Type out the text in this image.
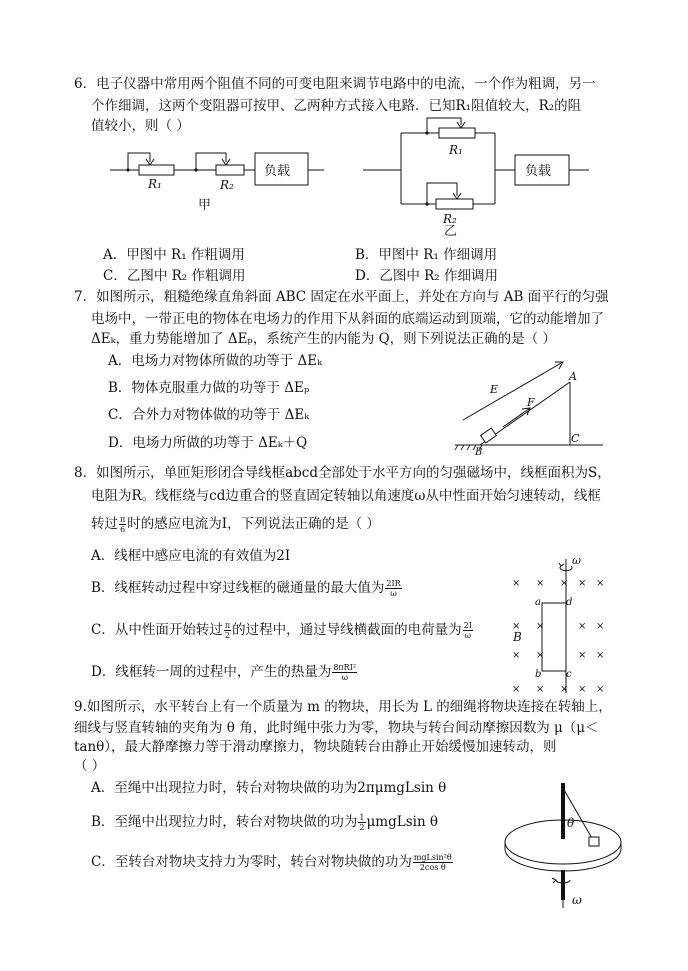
6．电子仪器中常用两个阻值不同的可变电阻来调节电路中的电流，一个作为粗调，另一
个作细调，这两个变阻器可按甲、乙两种方式接入电路．已知R₁阻值较大，R₂的阻
值较小，则（ ）
R₁	R₂
负载
甲
R₁
R₂
乙
负载
A．甲图中 R₁ 作粗调用	B．甲图中 R₁ 作细调用
C．乙图中 R₂ 作粗调用	D．乙图中 R₂ 作细调用
7．如图所示，粗糙绝缘直角斜面 ABC 固定在水平面上，并处在方向与 AB 面平行的匀强
电场中，一带正电的物体在电场力的作用下从斜面的底端运动到顶端，它的动能增加了
ΔEₖ，重力势能增加了 ΔEₚ，系统产生的内能为 Q，则下列说法正确的是（ ）
A．电场力对物体所做的功等于 ΔEₖ
B．物体克服重力做的功等于 ΔEₚ
C．合外力对物体做的功等于 ΔEₖ
D．电场力所做的功等于 ΔEₖ＋Q
E
F
A
B
C
8．如图所示，单匝矩形闭合导线框abcd全部处于水平方向的匀强磁场中，线框面积为S，
电阻为R。线框绕与cd边重合的竖直固定转轴以角速度ω从中性面开始匀速转动，线框
转过 $\frac{\pi}{6}$ 时的感应电流为I，下列说法正确的是（ ）
A．线框中感应电流的有效值为2I
B．线框转动过程中穿过线框的磁通量的最大值为 $\frac{2IR}{\omega}$
C．从中性面开始转过 $\frac{\pi}{2}$ 的过程中，通过导线横截面的电荷量为 $\frac{2I}{\omega}$
D．线框转一周的过程中，产生的热量为 $\frac{\text{8πRI²}}{\omega}$
× × × × ×
× ×	× ×
× ×	× ×
× × × × ×
ω
a	d
B
b c
9.如图所示，水平转台上有一个质量为 m 的物块，用长为 L 的细绳将物块连接在转轴上，
细线与竖直转轴的夹角为 θ 角，此时绳中张力为零，物块与转台间动摩擦因数为 μ（μ＜
tanθ），最大静摩擦力等于滑动摩擦力，物块随转台由静止开始缓慢加速转动，则
（ ）
A．至绳中出现拉力时，转台对物块做的功为2πμmgLsin θ
B．至绳中出现拉力时，转台对物块做的功为 $\frac{1}{2}$ μmgLsin θ
C．至转台对物块支持力为零时，转台对物块做的功为 $\frac{\text{mgLsin²θ}}{\text{2cos θ}}$
θ
ω
